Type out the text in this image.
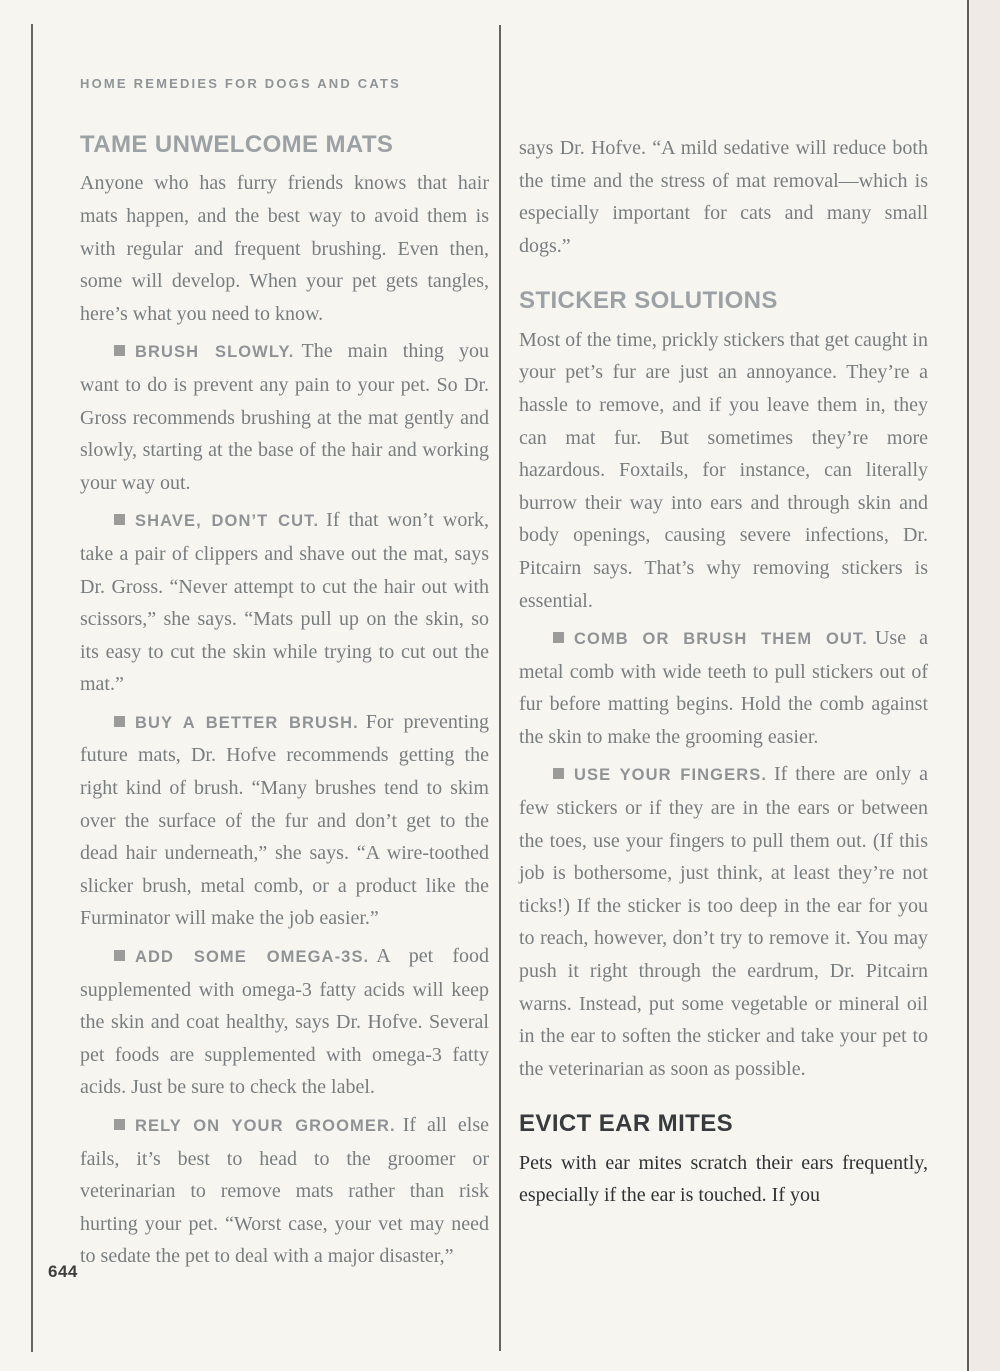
HOME REMEDIES FOR DOGS AND CATS
TAME UNWELCOME MATS

Anyone who has furry friends knows that hair mats happen, and the best way to avoid them is with regular and frequent brushing. Even then, some will develop. When your pet gets tangles, here’s what you need to know.

BRUSH SLOWLY. The main thing you want to do is prevent any pain to your pet. So Dr. Gross recommends brushing at the mat gently and slowly, starting at the base of the hair and working your way out.

SHAVE, DON’T CUT. If that won’t work, take a pair of clippers and shave out the mat, says Dr. Gross. “Never attempt to cut the hair out with scissors,” she says. “Mats pull up on the skin, so its easy to cut the skin while trying to cut out the mat.”

BUY A BETTER BRUSH. For preventing future mats, Dr. Hofve recommends getting the right kind of brush. “Many brushes tend to skim over the surface of the fur and don’t get to the dead hair underneath,” she says. “A wire-toothed slicker brush, metal comb, or a product like the Furminator will make the job easier.”

ADD SOME OMEGA-3S. A pet food supplemented with omega-3 fatty acids will keep the skin and coat healthy, says Dr. Hofve. Several pet foods are supplemented with omega-3 fatty acids. Just be sure to check the label.

RELY ON YOUR GROOMER. If all else fails, it’s best to head to the groomer or veterinarian to remove mats rather than risk hurting your pet. “Worst case, your vet may need to sedate the pet to deal with a major disaster,”

says Dr. Hofve. “A mild sedative will reduce both the time and the stress of mat removal—which is especially important for cats and many small dogs.”

STICKER SOLUTIONS

Most of the time, prickly stickers that get caught in your pet’s fur are just an annoyance. They’re a hassle to remove, and if you leave them in, they can mat fur. But sometimes they’re more hazardous. Foxtails, for instance, can literally burrow their way into ears and through skin and body openings, causing severe infections, Dr. Pitcairn says. That’s why removing stickers is essential.

COMB OR BRUSH THEM OUT. Use a metal comb with wide teeth to pull stickers out of fur before matting begins. Hold the comb against the skin to make the grooming easier.

USE YOUR FINGERS. If there are only a few stickers or if they are in the ears or between the toes, use your fingers to pull them out. (If this job is bothersome, just think, at least they’re not ticks!) If the sticker is too deep in the ear for you to reach, however, don’t try to remove it. You may push it right through the eardrum, Dr. Pitcairn warns. Instead, put some vegetable or mineral oil in the ear to soften the sticker and take your pet to the veterinarian as soon as possible.

EVICT EAR MITES

Pets with ear mites scratch their ears frequently, especially if the ear is touched. If you

644
